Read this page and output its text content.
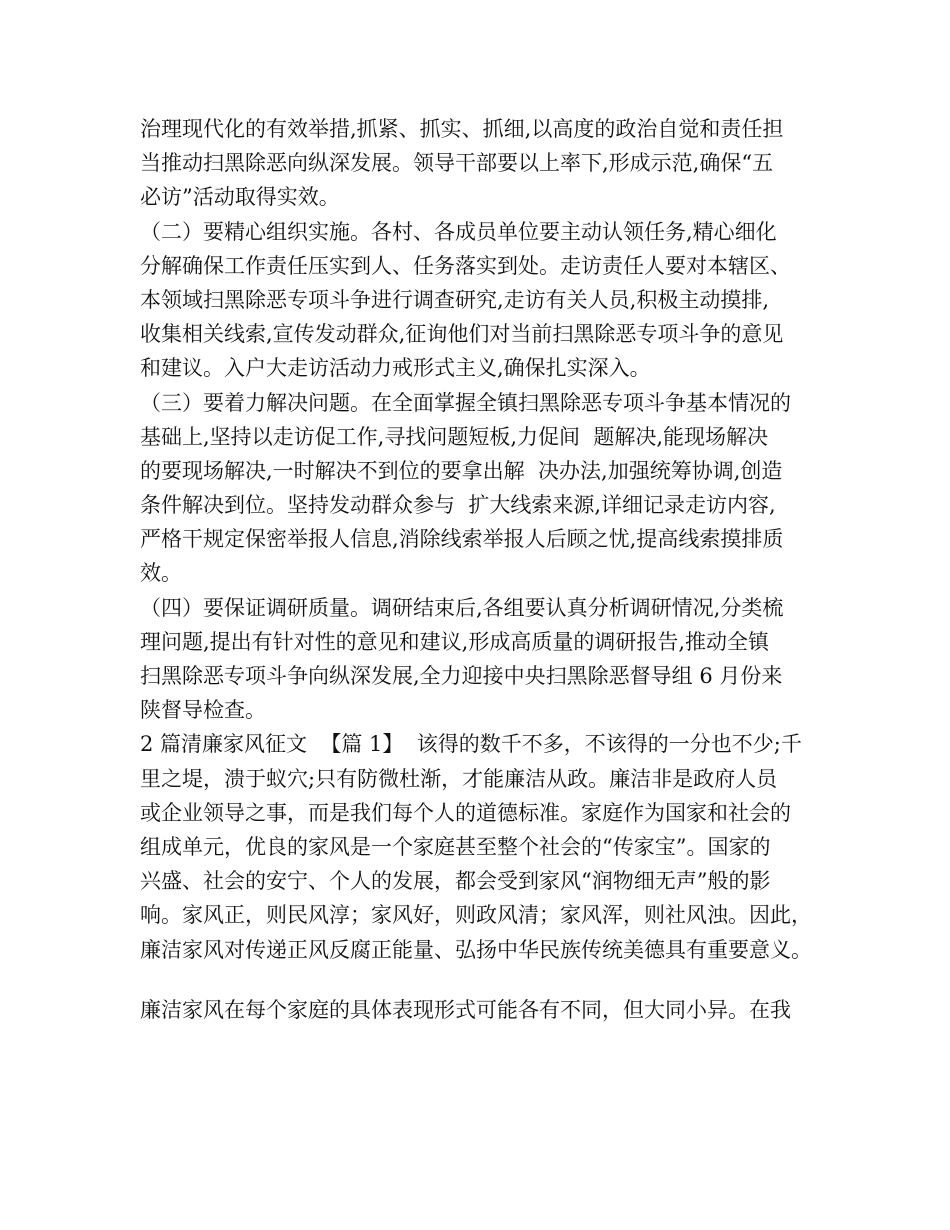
治理现代化的有效举措,抓紧、抓实、抓细,以高度的政治自觉和责任担
当推动扫黑除恶向纵深发展。领导干部要以上率下,形成示范,确保“五
必访”活动取得实效。
（二）要精心组织实施。各村、各成员单位要主动认领任务,精心细化
分解确保工作责任压实到人、任务落实到处。走访责任人要对本辖区、
本领域扫黑除恶专项斗争进行调查研究,走访有关人员,积极主动摸排,
收集相关线索,宣传发动群众,征询他们对当前扫黑除恶专项斗争的意见
和建议。入户大走访活动力戒形式主义,确保扎实深入。
（三）要着力解决问题。在全面掌握全镇扫黑除恶专项斗争基本情况的
基础上,坚持以走访促工作,寻找问题短板,力促间  题解决,能现场解决
的要现场解决,一时解决不到位的要拿出解  决办法,加强统筹协调,创造
条件解决到位。坚持发动群众参与  扩大线索来源,详细记录走访内容,
严格干规定保密举报人信息,消除线索举报人后顾之忧,提高线索摸排质
效。
（四）要保证调研质量。调研结束后,各组要认真分析调研情况,分类梳
理问题,提出有针对性的意见和建议,形成高质量的调研报告,推动全镇
扫黑除恶专项斗争向纵深发展,全力迎接中央扫黑除恶督导组 6 月份来
陕督导检查。
2 篇清廉家风征文  【篇 1】  该得的数千不多，不该得的一分也不少;千
里之堤，溃于蚁穴;只有防微杜渐，才能廉洁从政。廉洁非是政府人员
或企业领导之事，而是我们每个人的道德标准。家庭作为国家和社会的
组成单元，优良的家风是一个家庭甚至整个社会的“传家宝”。国家的
兴盛、社会的安宁、个人的发展，都会受到家风“润物细无声”般的影
响。家风正，则民风淳；家风好，则政风清；家风浑，则社风浊。因此，
廉洁家风对传递正风反腐正能量、弘扬中华民族传统美德具有重要意义。
廉洁家风在每个家庭的具体表现形式可能各有不同，但大同小异。在我
